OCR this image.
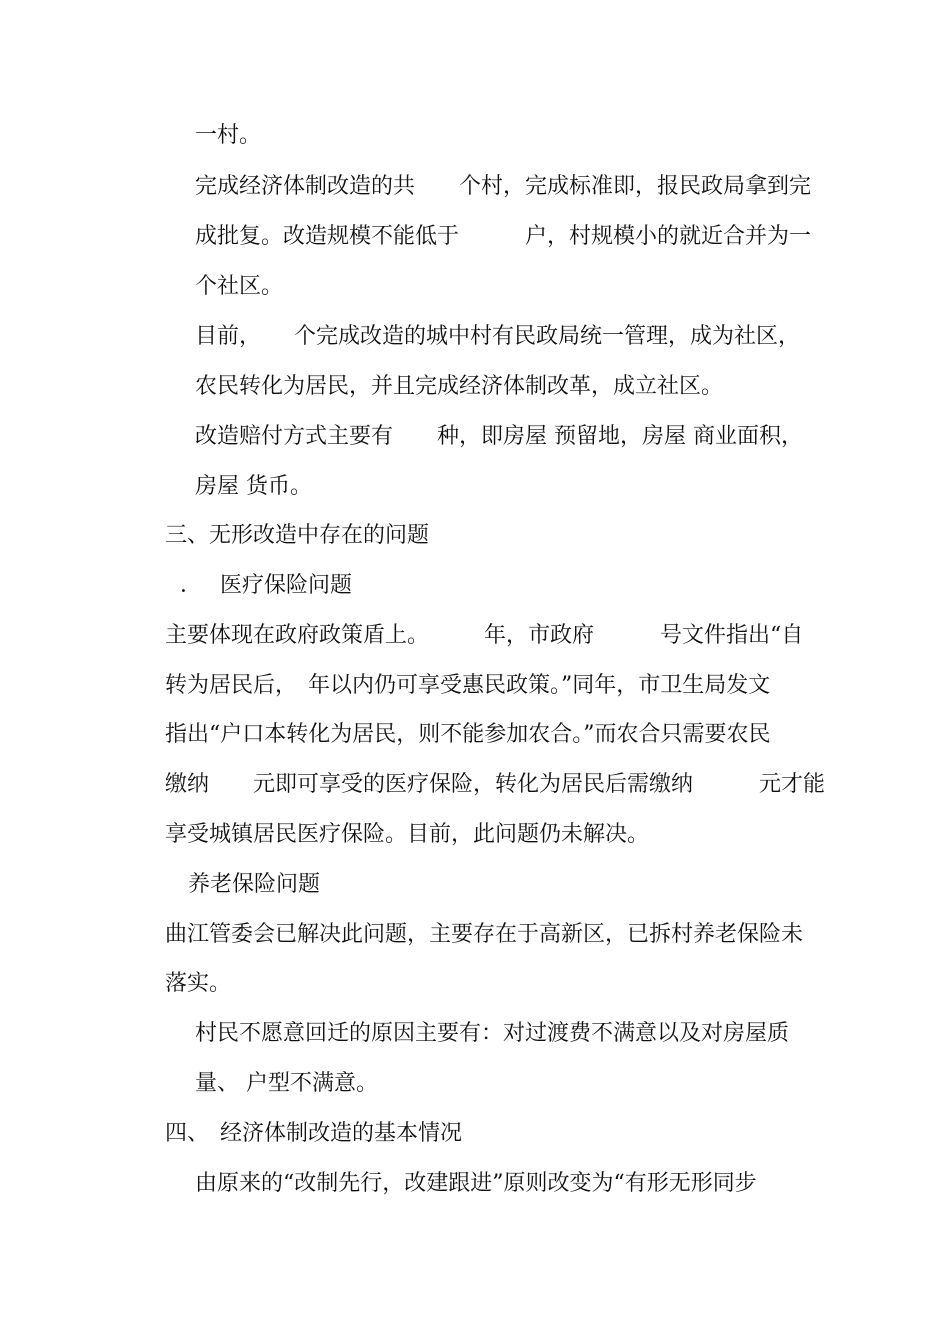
一村。
完成经济体制改造的共　　个村，完成标准即，报民政局拿到完
成批复。改造规模不能低于　　　户，村规模小的就近合并为一
个社区。
目前，　　个完成改造的城中村有民政局统一管理，成为社区，
农民转化为居民，并且完成经济体制改革，成立社区。
改造赔付方式主要有　　种，即房屋 预留地，房屋 商业面积，
房屋 货币。
三、无形改造中存在的问题
．　 医疗保险问题
主要体现在政府政策盾上。　　　年，市政府　　　号文件指出“自
转为居民后，　年以内仍可享受惠民政策。”同年，市卫生局发文
指出“户口本转化为居民，则不能参加农合。”而农合只需要农民
缴纳　　元即可享受的医疗保险，转化为居民后需缴纳　　　元才能
享受城镇居民医疗保险。目前，此问题仍未解决。
养老保险问题
曲江管委会已解决此问题，主要存在于高新区，已拆村养老保险未
落实。
村民不愿意回迁的原因主要有：对过渡费不满意以及对房屋质
量、 户型不满意。
四、　经济体制改造的基本情况
由原来的“改制先行，改建跟进”原则改变为“有形无形同步
